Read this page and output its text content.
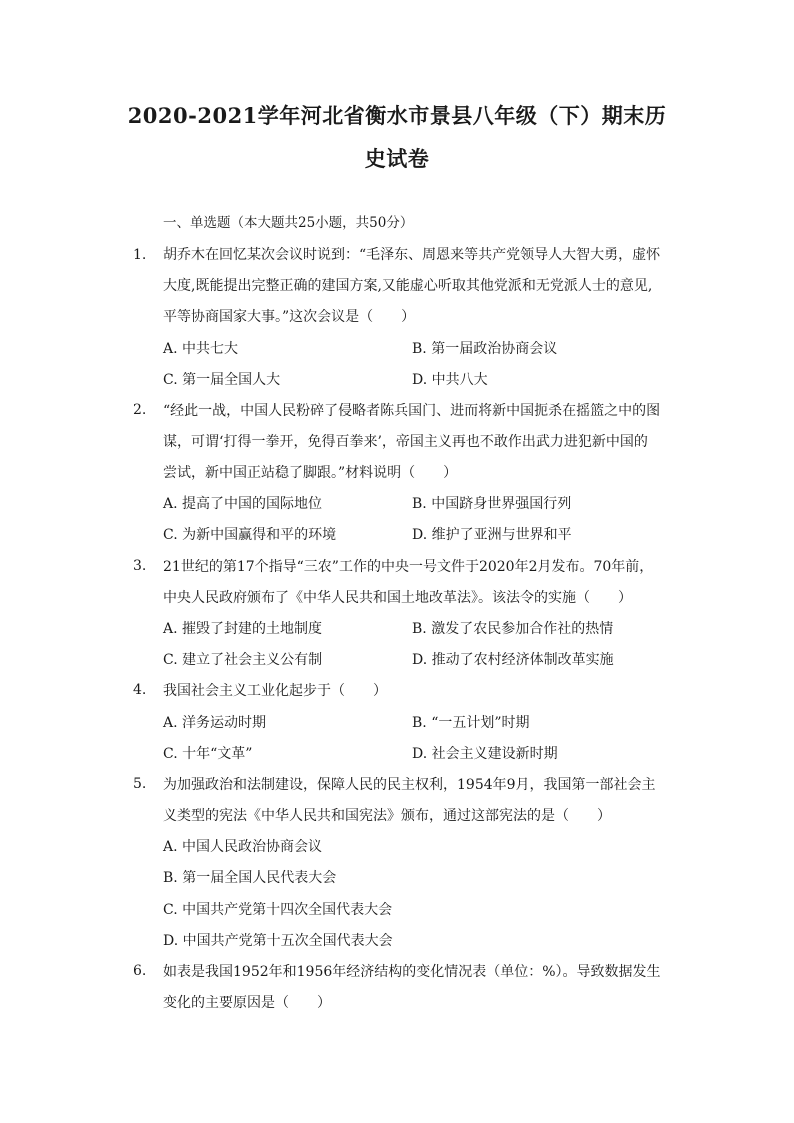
2020-2021学年河北省衡水市景县八年级（下）期末历
史试卷
一、单选题（本大题共25小题，共50分）
1. 胡乔木在回忆某次会议时说到：“毛泽东、周恩来等共产党领导人大智大勇，虚怀
大度,既能提出完整正确的建国方案,又能虚心听取其他党派和无党派人士的意见,
平等协商国家大事。”这次会议是（　　）
A. 中共七大	B. 第一届政治协商会议
C. 第一届全国人大	D. 中共八大
2. “经此一战，中国人民粉碎了侵略者陈兵国门、进而将新中国扼杀在摇篮之中的图
谋，可谓‘打得一拳开，免得百拳来’，帝国主义再也不敢作出武力进犯新中国的
尝试，新中国正站稳了脚跟。”材料说明（　　）
A. 提高了中国的国际地位	B. 中国跻身世界强国行列
C. 为新中国赢得和平的环境	D. 维护了亚洲与世界和平
3. 21世纪的第17个指导“三农”工作的中央一号文件于2020年2月发布。70年前，
中央人民政府颁布了《中华人民共和国土地改革法》。该法令的实施（　　）
A. 摧毁了封建的土地制度	B. 激发了农民参加合作社的热情
C. 建立了社会主义公有制	D. 推动了农村经济体制改革实施
4. 我国社会主义工业化起步于（　　）
A. 洋务运动时期	B. “一五计划”时期
C. 十年“文革”	D. 社会主义建设新时期
5. 为加强政治和法制建设，保障人民的民主权利，1954年9月，我国第一部社会主
义类型的宪法《中华人民共和国宪法》颁布，通过这部宪法的是（　　）
A. 中国人民政治协商会议
B. 第一届全国人民代表大会
C. 中国共产党第十四次全国代表大会
D. 中国共产党第十五次全国代表大会
6. 如表是我国1952年和1956年经济结构的变化情况表（单位：%）。导致数据发生
变化的主要原因是（　　）
